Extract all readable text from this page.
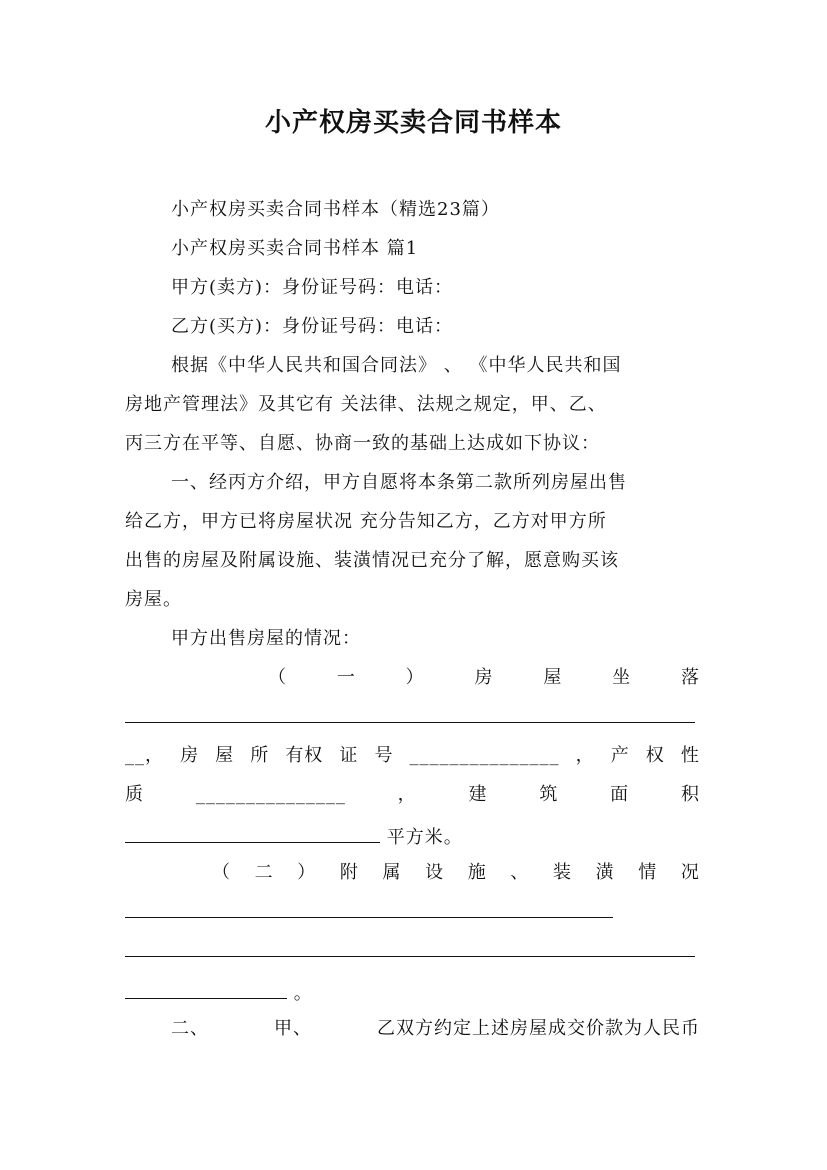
小产权房买卖合同书样本
小产权房买卖合同书样本（精选23篇）
小产权房买卖合同书样本 篇1
甲方(卖方)：身份证号码：电话：
乙方(买方)：身份证号码：电话：
根据《中华人民共和国合同法》 、 《中华人民共和国
房地产管理法》及其它有 关法律、法规之规定，甲、乙、
丙三方在平等、自愿、协商一致的基础上达成如下协议：
一、经丙方介绍，甲方自愿将本条第二款所列房屋出售
给乙方，甲方已将房屋状况 充分告知乙方，乙方对甲方所
出售的房屋及附属设施、装潢情况已充分了解，愿意购买该
房屋。
甲方出售房屋的情况：
（	一	）	房	屋	坐	落
__， 房 屋 所 有权 证 号 _______________ ， 产 权 性
质	_______________	，	建	筑	面	积
平方米。
（ 二 ） 附 属 设 施 、 装 潢 情 况
。
二、	甲、	乙双方约定上述房屋成交价款为人民币
